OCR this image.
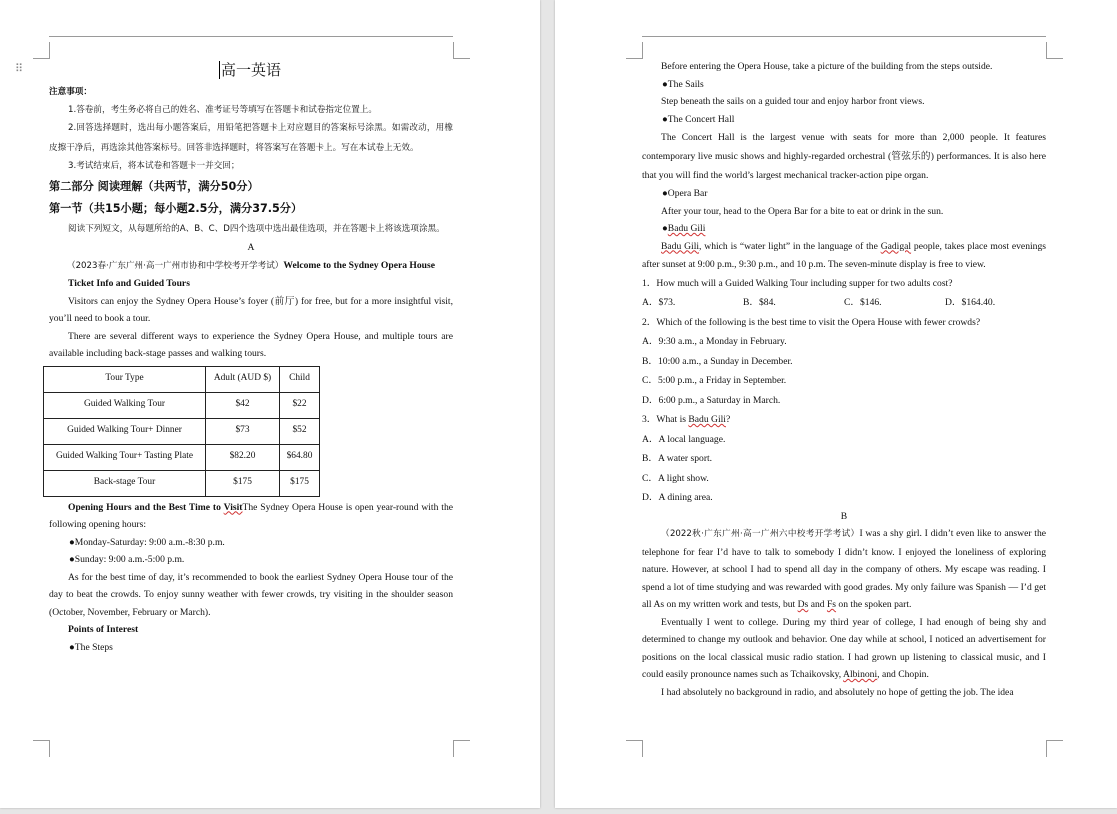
⠿	高一英语

注意事项：

1.答卷前，考生务必将自己的姓名、准考证号等填写在答题卡和试卷指定位置上。

2.回答选择题时，选出每小题答案后，用铅笔把答题卡上对应题目的答案标号涂黑。如需改动，用橡皮擦干净后，再选涂其他答案标号。回答非选择题时，将答案写在答题卡上。写在本试卷上无效。

3.考试结束后，将本试卷和答题卡一并交回；

第二部分 阅读理解（共两节，满分50分）

第一节（共15小题；每小题2.5分，满分37.5分）

阅读下列短文，从每题所给的A、B、C、D四个选项中选出最佳选项，并在答题卡上将该选项涂黑。

A

（2023春·广东广州·高一广州市协和中学校考开学考试）Welcome to the Sydney Opera House

Ticket Info and Guided Tours

Visitors can enjoy the Sydney Opera House’s foyer (前厅) for free, but for a more insightful visit, you’ll need to book a tour.

There are several different ways to experience the Sydney Opera House, and multiple tours are available including back-stage passes and walking tours.

Tour Type	Adult (AUD $)	Child
Guided Walking Tour	$42	$22
Guided Walking Tour+ Dinner	$73	$52
Guided Walking Tour+ Tasting Plate	$82.20	$64.80
Back-stage Tour	$175	$175

Opening Hours and the Best Time to VisitThe Sydney Opera House is open year-round with the following opening hours:

●Monday-Saturday: 9:00 a.m.-8:30 p.m.

●Sunday: 9:00 a.m.-5:00 p.m.

As for the best time of day, it’s recommended to book the earliest Sydney Opera House tour of the day to beat the crowds. To enjoy sunny weather with fewer crowds, try visiting in the shoulder season (October, November, February or March).

Points of Interest

●The Steps

Before entering the Opera House, take a picture of the building from the steps outside.

●The Sails

Step beneath the sails on a guided tour and enjoy harbor front views.

●The Concert Hall

The Concert Hall is the largest venue with seats for more than 2,000 people. It features contemporary live music shows and highly-regarded orchestral (管弦乐的) performances. It is also here that you will find the world’s largest mechanical tracker-action pipe organ.

●Opera Bar

After your tour, head to the Opera Bar for a bite to eat or drink in the sun.

●Badu Gili

Badu Gili, which is “water light” in the language of the Gadigal people, takes place most evenings after sunset at 9:00 p.m., 9:30 p.m., and 10 p.m. The seven-minute display is free to view.

1．How much will a Guided Walking Tour including supper for two adults cost?

A．$73.	B．$84.	C．$146.	D．$164.40.

2．Which of the following is the best time to visit the Opera House with fewer crowds?

A．9:30 a.m., a Monday in February.

B．10:00 a.m., a Sunday in December.

C．5:00 p.m., a Friday in September.

D．6:00 p.m., a Saturday in March.

3．What is Badu Gili?

A．A local language.

B．A water sport.

C．A light show.

D．A dining area.

B

（2022秋·广东广州·高一广州六中校考开学考试）I was a shy girl. I didn’t even like to answer the telephone for fear I’d have to talk to somebody I didn’t know. I enjoyed the loneliness of exploring nature. However, at school I had to spend all day in the company of others. My escape was reading. I spend a lot of time studying and was rewarded with good grades. My only failure was Spanish — I’d get all As on my written work and tests, but Ds and Fs on the spoken part.

Eventually I went to college. During my third year of college, I had enough of being shy and determined to change my outlook and behavior. One day while at school, I noticed an advertisement for positions on the local classical music radio station. I had grown up listening to classical music, and I could easily pronounce names such as Tchaikovsky, Albinoni, and Chopin.

I had absolutely no background in radio, and absolutely no hope of getting the job. The idea
